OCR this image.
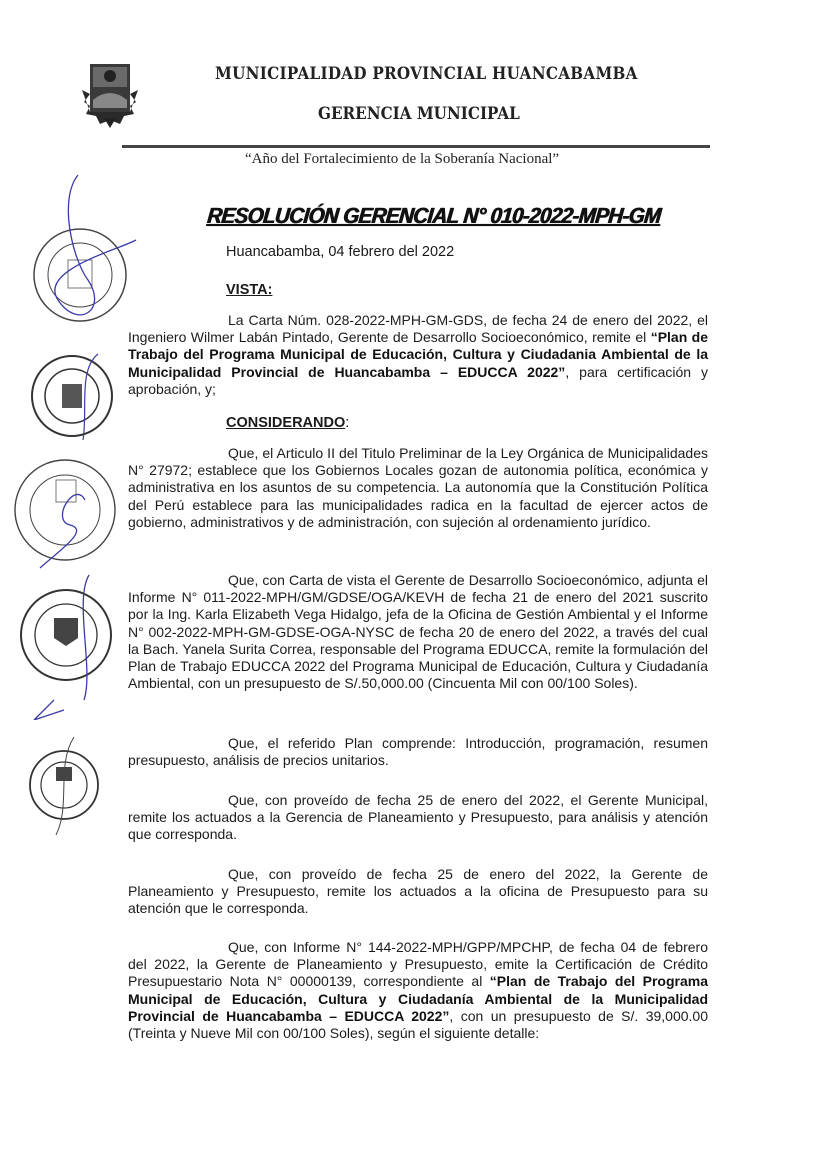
MUNICIPALIDAD PROVINCIAL HUANCABAMBA
GERENCIA MUNICIPAL
“Año del Fortalecimiento de la Soberanía Nacional”
RESOLUCIÓN GERENCIAL N° 010-2022-MPH-GM
Huancabamba, 04 febrero del 2022
VISTA:
La Carta Núm. 028-2022-MPH-GM-GDS, de fecha 24 de enero del 2022, el Ingeniero Wilmer Labán Pintado, Gerente de Desarrollo Socioeconómico, remite el “Plan de Trabajo del Programa Municipal de Educación, Cultura y Ciudadania Ambiental de la Municipalidad Provincial de Huancabamba – EDUCCA 2022”, para certificación y aprobación, y;
CONSIDERANDO:
Que, el Articulo II del Titulo Preliminar de la Ley Orgánica de Municipalidades N° 27972; establece que los Gobiernos Locales gozan de autonomia política, económica y administrativa en los asuntos de su competencia. La autonomía que la Constitución Política del Perú establece para las municipalidades radica en la facultad de ejercer actos de gobierno, administrativos y de administración, con sujeción al ordenamiento jurídico.
Que, con Carta de vista el Gerente de Desarrollo Socioeconómico, adjunta el Informe N° 011-2022-MPH/GM/GDSE/OGA/KEVH de fecha 21 de enero del 2021 suscrito por la Ing. Karla Elizabeth Vega Hidalgo, jefa de la Oficina de Gestión Ambiental y el Informe N° 002-2022-MPH-GM-GDSE-OGA-NYSC de fecha 20 de enero del 2022, a través del cual la Bach. Yanela Surita Correa, responsable del Programa EDUCCA, remite la formulación del Plan de Trabajo EDUCCA 2022 del Programa Municipal de Educación, Cultura y Ciudadanía Ambiental, con un presupuesto de S/.50,000.00 (Cincuenta Mil con 00/100 Soles).
Que, el referido Plan comprende: Introducción, programación, resumen presupuesto, análisis de precios unitarios.
Que, con proveído de fecha 25 de enero del 2022, el Gerente Municipal, remite los actuados a la Gerencia de Planeamiento y Presupuesto, para análisis y atención que corresponda.
Que, con proveído de fecha 25 de enero del 2022, la Gerente de Planeamiento y Presupuesto, remite los actuados a la oficina de Presupuesto para su atención que le corresponda.
Que, con Informe N° 144-2022-MPH/GPP/MPCHP, de fecha 04 de febrero del 2022, la Gerente de Planeamiento y Presupuesto, emite la Certificación de Crédito Presupuestario Nota N° 00000139, correspondiente al “Plan de Trabajo del Programa Municipal de Educación, Cultura y Ciudadanía Ambiental de la Municipalidad Provincial de Huancabamba – EDUCCA 2022”, con un presupuesto de S/. 39,000.00 (Treinta y Nueve Mil con 00/100 Soles), según el siguiente detalle:
